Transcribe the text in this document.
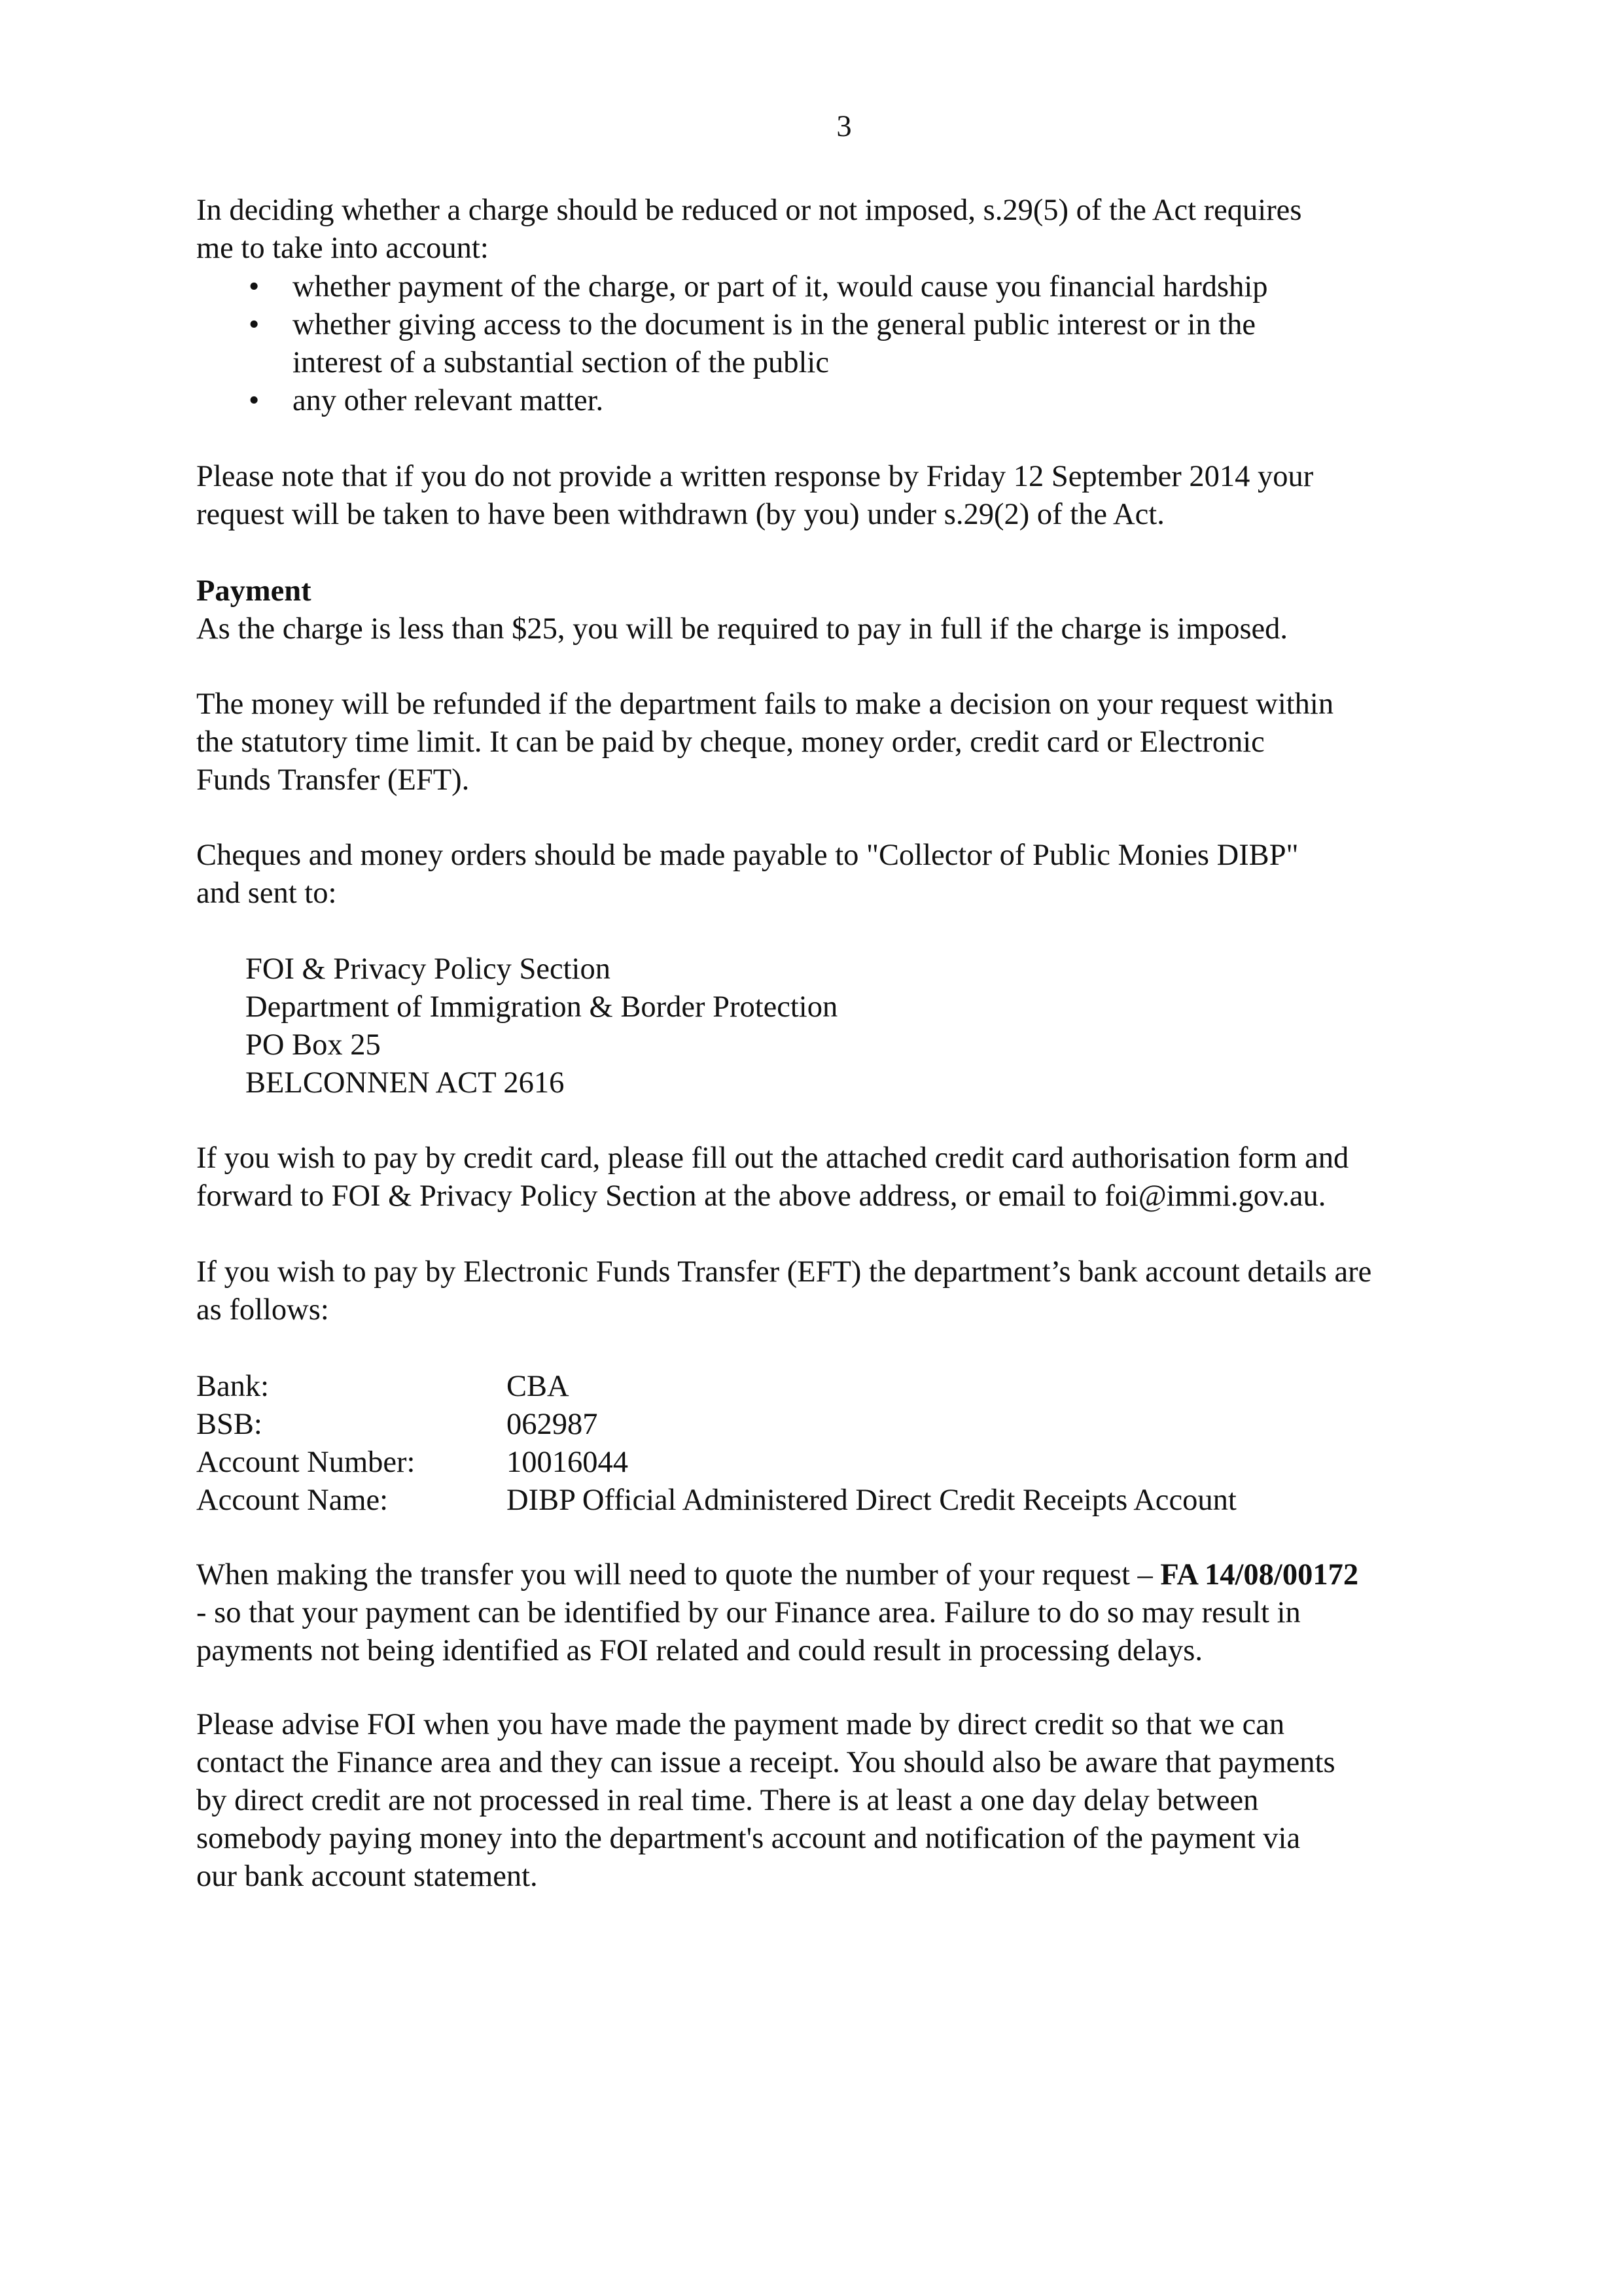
3
In deciding whether a charge should be reduced or not imposed, s.29(5) of the Act requires
me to take into account:
• whether payment of the charge, or part of it, would cause you financial hardship
• whether giving access to the document is in the general public interest or in the
interest of a substantial section of the public
• any other relevant matter.
Please note that if you do not provide a written response by Friday 12 September 2014 your
request will be taken to have been withdrawn (by you) under s.29(2) of the Act.
Payment
As the charge is less than $25, you will be required to pay in full if the charge is imposed.
The money will be refunded if the department fails to make a decision on your request within
the statutory time limit. It can be paid by cheque, money order, credit card or Electronic
Funds Transfer (EFT).
Cheques and money orders should be made payable to "Collector of Public Monies DIBP"
and sent to:
FOI & Privacy Policy Section
Department of Immigration & Border Protection
PO Box 25
BELCONNEN ACT 2616
If you wish to pay by credit card, please fill out the attached credit card authorisation form and
forward to FOI & Privacy Policy Section at the above address, or email to foi@immi.gov.au.
If you wish to pay by Electronic Funds Transfer (EFT) the department’s bank account details are
as follows:
Bank:	CBA
BSB:	062987
Account Number:	10016044
Account Name:	DIBP Official Administered Direct Credit Receipts Account
When making the transfer you will need to quote the number of your request – FA 14/08/00172
- so that your payment can be identified by our Finance area. Failure to do so may result in
payments not being identified as FOI related and could result in processing delays.
Please advise FOI when you have made the payment made by direct credit so that we can
contact the Finance area and they can issue a receipt. You should also be aware that payments
by direct credit are not processed in real time. There is at least a one day delay between
somebody paying money into the department's account and notification of the payment via
our bank account statement.
